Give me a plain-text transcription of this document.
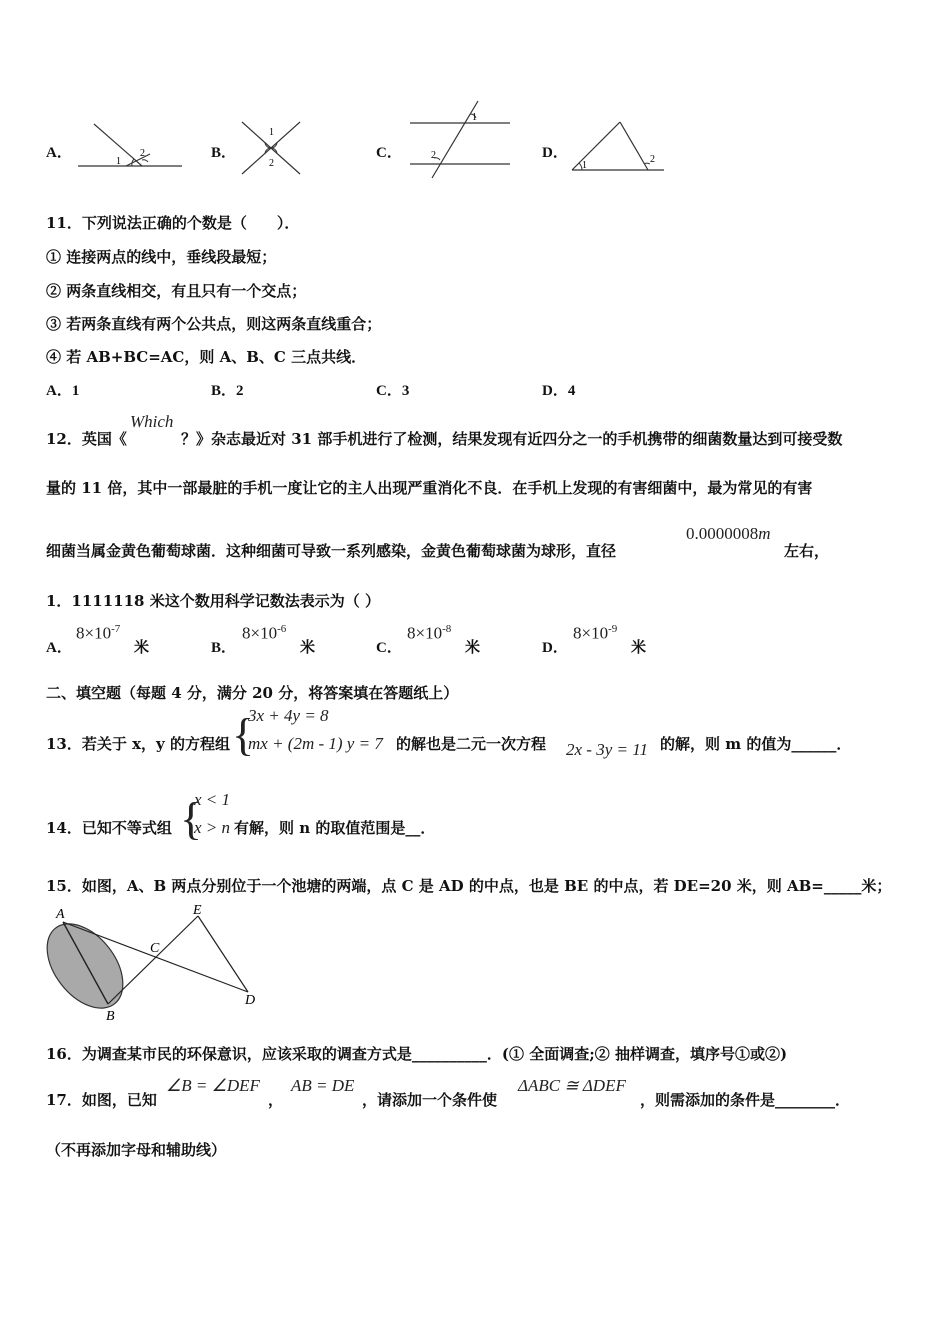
A．
1
2	B．
1
2
C．
1
2	D．
1
2
11．下列说法正确的个数是（　　）．
① 连接两点的线中，垂线段最短；
② 两条直线相交，有且只有一个交点；
③ 若两条直线有两个公共点，则这两条直线重合；
④ 若 AB+BC=AC，则 A、B、C 三点共线．
A．1	B．2	C．3	D．4
12．英国《
Which
？》杂志最近对 31 部手机进行了检测，结果发现有近四分之一的手机携带的细菌数量达到可接受数
量的 11 倍，其中一部最脏的手机一度让它的主人出现严重消化不良．在手机上发现的有害细菌中，最为常见的有害
细菌当属金黄色葡萄球菌．这种细菌可导致一系列感染，金黄色葡萄球菌为球形，直径
0.0000008m
左右，
1．1111118 米这个数用科学记数法表示为（ ）
A．
$8\times 10^{-7}$
米	B．
$8\times 10^{-6}$
米	C．
$8\times 10^{-8}$
米	D．
$8\times 10^{-9}$
米
二、填空题（每题 4 分，满分 20 分，将答案填在答题纸上）
13．若关于 x，y 的方程组 {
3x + 4y = 8
mx + (2m - 1) y = 7 的解也是二元一次方程 2x - 3y = 11 的解，则 m 的值为______．
14．已知不等式组 {
x < 1
x > n 有解，则 n 的取值范围是__．
15．如图，A、B 两点分别位于一个池塘的两端，点 C 是 AD 的中点，也是 BE 的中点，若 DE=20 米，则 AB=_____米；
A
B
C
D
E
16．为调查某市民的环保意识，应该采取的调查方式是__________．(① 全面调查;② 抽样调查，填序号①或②)
17．如图，已知
∠B = ∠DEF
，
AB = DE
，请添加一个条件使
ΔABC ≅ ΔDEF
，则需添加的条件是________．
（不再添加字母和辅助线）
